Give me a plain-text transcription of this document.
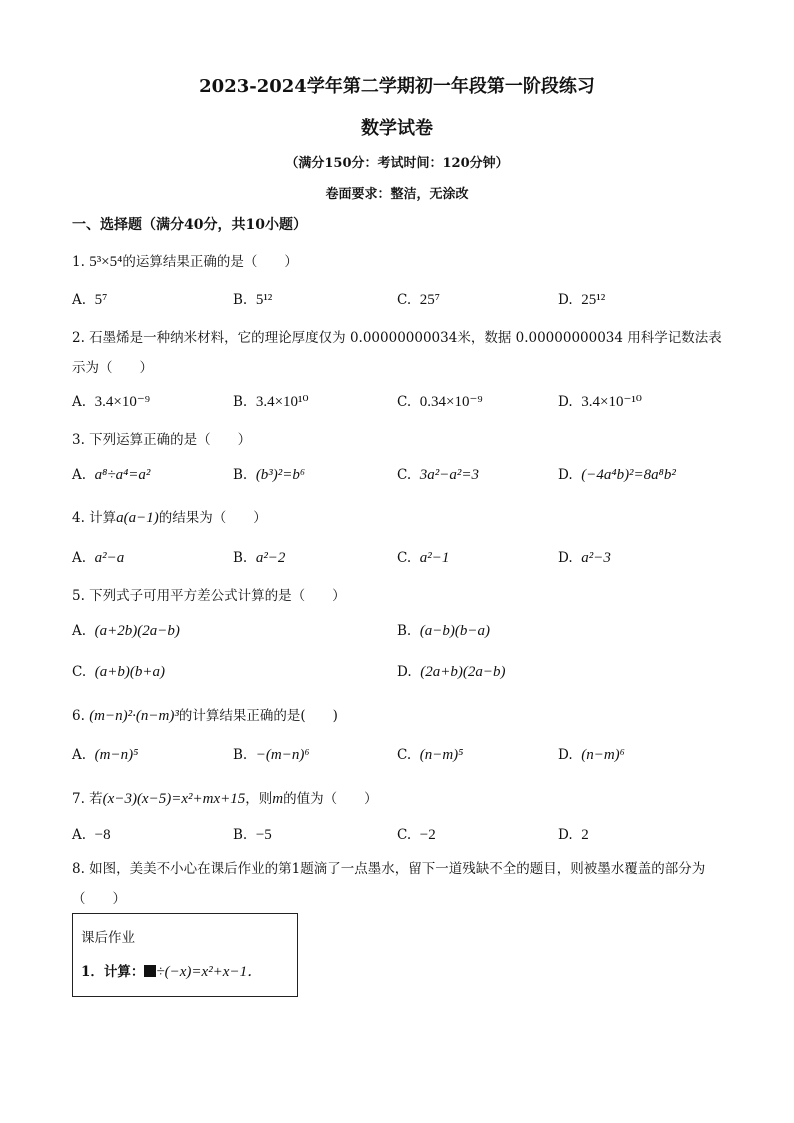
2023-2024学年第二学期初一年段第一阶段练习
数学试卷
（满分150分：考试时间：120分钟）
卷面要求：整洁，无涂改
一、选择题（满分40分，共10小题）
1. 5³×5⁴的运算结果正确的是（　　）
A. 5⁷	B. 5¹²	C. 25⁷	D. 25¹²
2. 石墨烯是一种纳米材料，它的理论厚度仅为 0.00000000034米，数据 0.00000000034 用科学记数法表示为（　　）
A. 3.4×10⁻⁹	B. 3.4×10¹⁰	C. 0.34×10⁻⁹	D. 3.4×10⁻¹⁰
3. 下列运算正确的是（　　）
A. a⁸÷a⁴=a²	B. (b³)²=b⁶	C. 3a²−a²=3	D. (−4a⁴b)²=8a⁸b²
4. 计算a(a−1)的结果为（　　）
A. a²−a	B. a²−2	C. a²−1	D. a²−3
5. 下列式子可用平方差公式计算的是（　　）
A. (a+2b)(2a−b)	B. (a−b)(b−a)
C. (a+b)(b+a)	D. (2a+b)(2a−b)
6. (m−n)²·(n−m)³的计算结果正确的是(　　)
A. (m−n)⁵	B. −(m−n)⁶	C. (n−m)⁵	D. (n−m)⁶
7. 若(x−3)(x−5)=x²+mx+15，则m的值为（　　）
A. −8	B. −5	C. −2	D. 2
8. 如图，美美不小心在课后作业的第1题滴了一点墨水，留下一道残缺不全的题目，则被墨水覆盖的部分为（　　）
课后作业
1．计算： ÷(−x)=x²+x−1．
